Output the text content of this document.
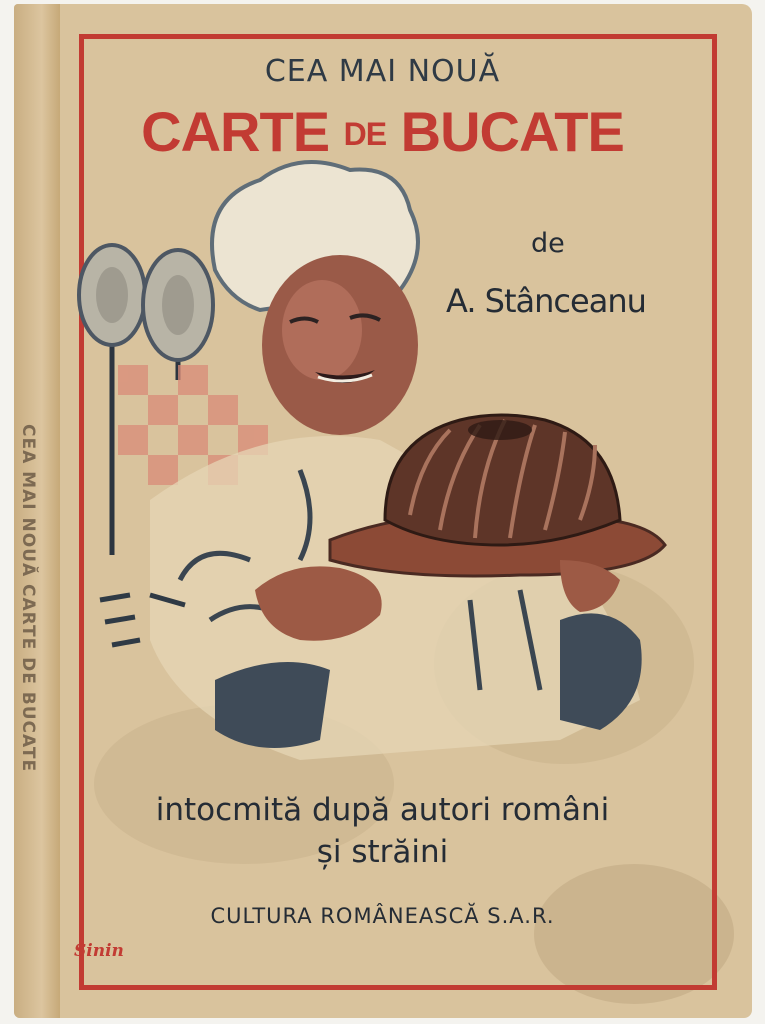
CEA MAI NOUĂ CARTE DE BUCATE
CEA MAI NOUĂ
CARTE DE BUCATE
de
A. Stânceanu
intocmită după autori români
și străini
CULTURA ROMÂNEASCĂ S.A.R.
Sinin
